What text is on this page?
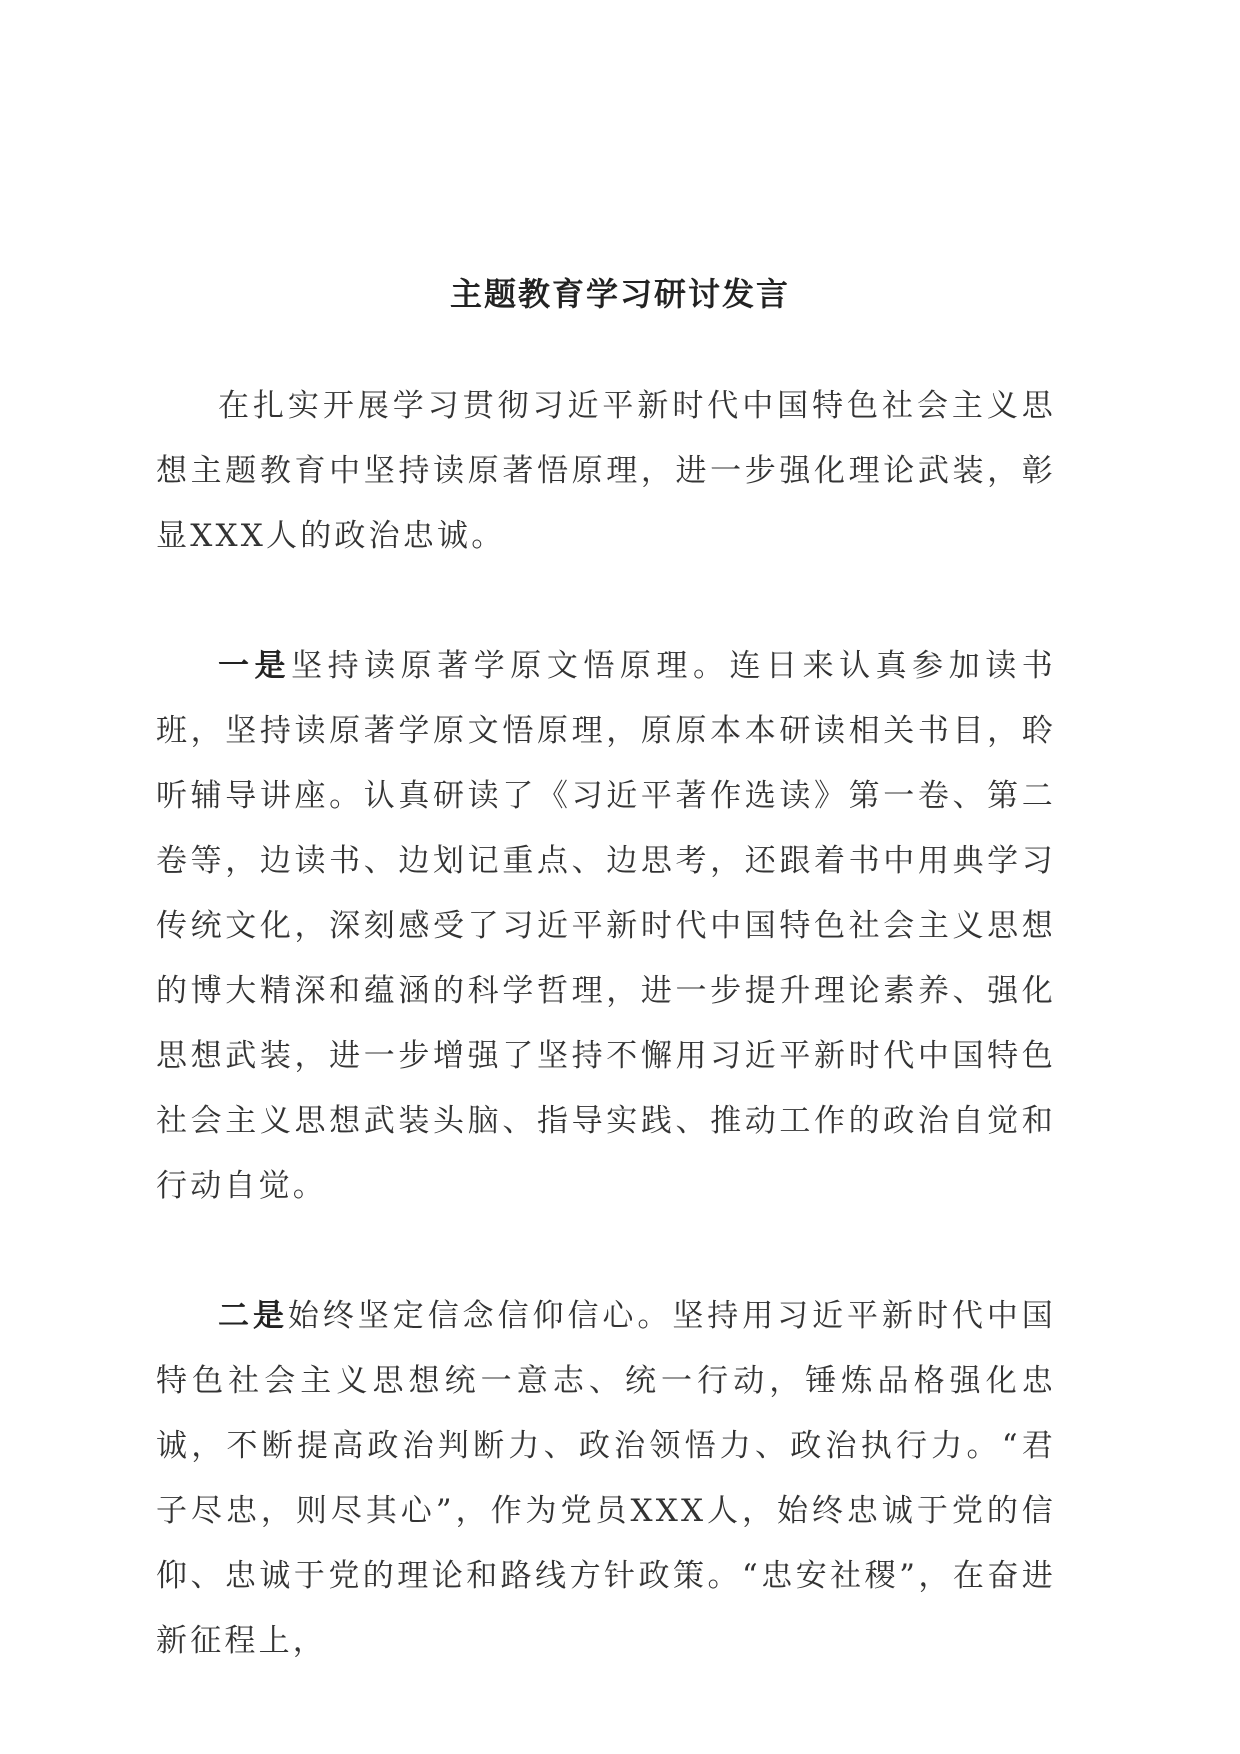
主题教育学习研讨发言

在扎实开展学习贯彻习近平新时代中国特色社会主义思想主题教育中坚持读原著悟原理，进一步强化理论武装，彰显XXX人的政治忠诚。

一是坚持读原著学原文悟原理。连日来认真参加读书班，坚持读原著学原文悟原理，原原本本研读相关书目，聆听辅导讲座。认真研读了《习近平著作选读》第一卷、第二卷等，边读书、边划记重点、边思考，还跟着书中用典学习传统文化，深刻感受了习近平新时代中国特色社会主义思想的博大精深和蕴涵的科学哲理，进一步提升理论素养、强化思想武装，进一步增强了坚持不懈用习近平新时代中国特色社会主义思想武装头脑、指导实践、推动工作的政治自觉和行动自觉。

二是始终坚定信念信仰信心。坚持用习近平新时代中国特色社会主义思想统一意志、统一行动，锤炼品格强化忠诚，不断提高政治判断力、政治领悟力、政治执行力。“君子尽忠，则尽其心”，作为党员XXX人，始终忠诚于党的信仰、忠诚于党的理论和路线方针政策。“忠安社稷”，在奋进新征程上，
